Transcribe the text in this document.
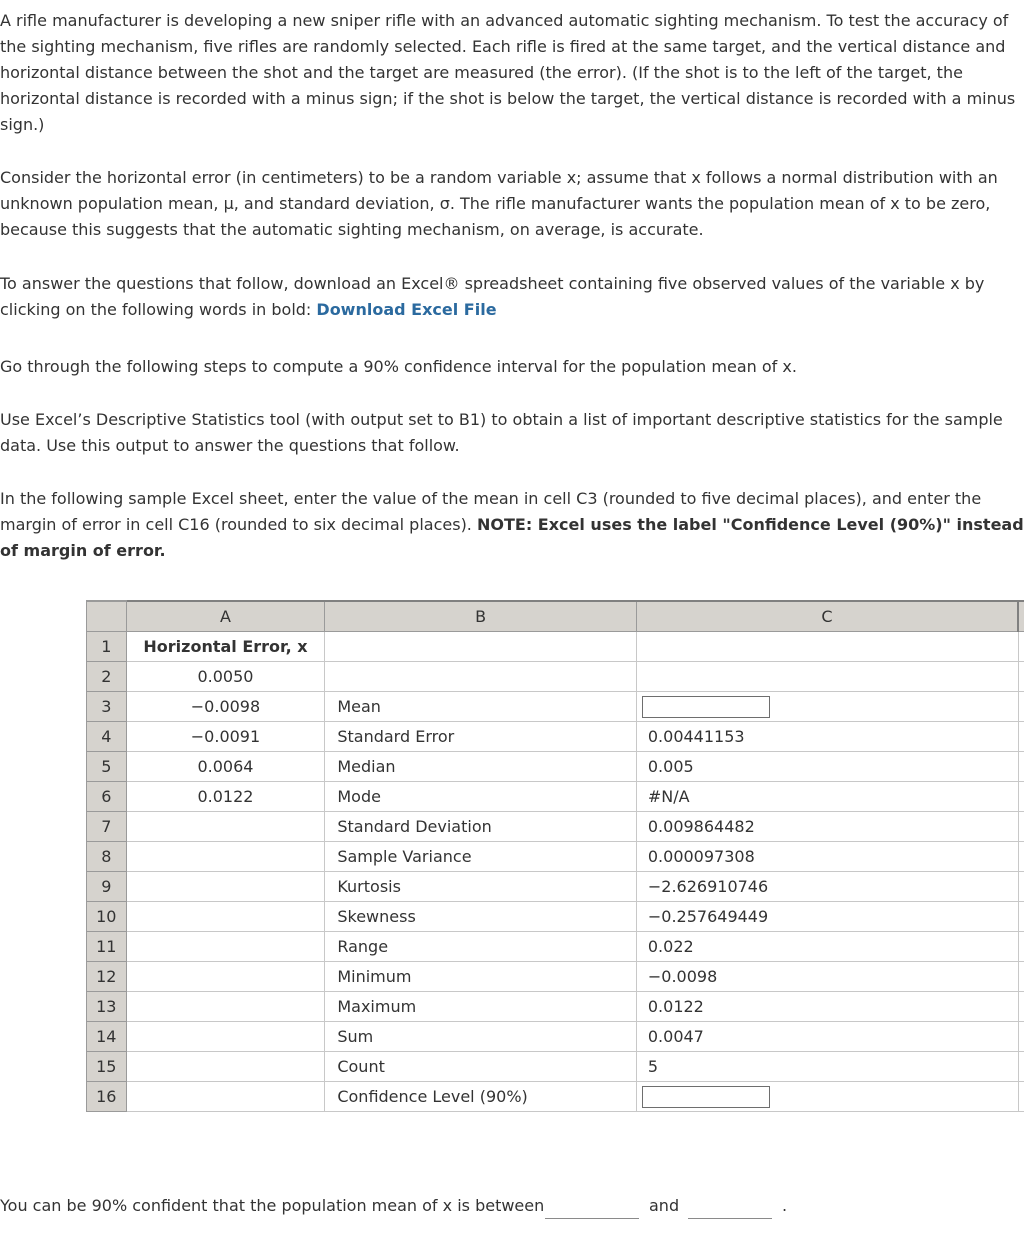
A rifle manufacturer is developing a new sniper rifle with an advanced automatic sighting mechanism. To test the accuracy of the sighting mechanism, five rifles are randomly selected. Each rifle is fired at the same target, and the vertical distance and horizontal distance between the shot and the target are measured (the error). (If the shot is to the left of the target, the horizontal distance is recorded with a minus sign; if the shot is below the target, the vertical distance is recorded with a minus sign.)

Consider the horizontal error (in centimeters) to be a random variable x; assume that x follows a normal distribution with an unknown population mean, μ, and standard deviation, σ. The rifle manufacturer wants the population mean of x to be zero, because this suggests that the automatic sighting mechanism, on average, is accurate.

To answer the questions that follow, download an Excel® spreadsheet containing five observed values of the variable x by clicking on the following words in bold: Download Excel File

Go through the following steps to compute a 90% confidence interval for the population mean of x.

Use Excel’s Descriptive Statistics tool (with output set to B1) to obtain a list of important descriptive statistics for the sample data. Use this output to answer the questions that follow.

In the following sample Excel sheet, enter the value of the mean in cell C3 (rounded to five decimal places), and enter the margin of error in cell C16 (rounded to six decimal places). NOTE: Excel uses the label "Confidence Level (90%)" instead of margin of error.

	A	B	C	
1	Horizontal Error, x			
2	0.0050			
3	−0.0098	Mean	

4	−0.0091	Standard Error	0.00441153	
5	0.0064	Median	0.005	
6	0.0122	Mode	#N/A	
7		Standard Deviation	0.009864482	
8		Sample Variance	0.000097308	
9		Kurtosis	−2.626910746	
10		Skewness	−0.257649449	
11		Range	0.022	
12		Minimum	−0.0098	
13		Maximum	0.0122	
14		Sum	0.0047	
15		Count	5	
16		Confidence Level (90%)	

You can be 90% confident that the population mean of x is between	and	.
